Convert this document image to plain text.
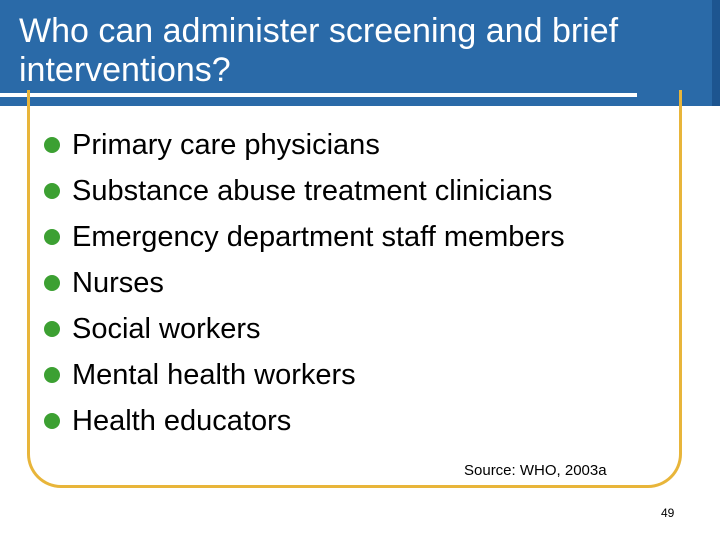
Who can administer screening and brief interventions?
Primary care physicians
Substance abuse treatment clinicians
Emergency department staff members
Nurses
Social workers
Mental health workers
Health educators
Source: WHO, 2003a
49
